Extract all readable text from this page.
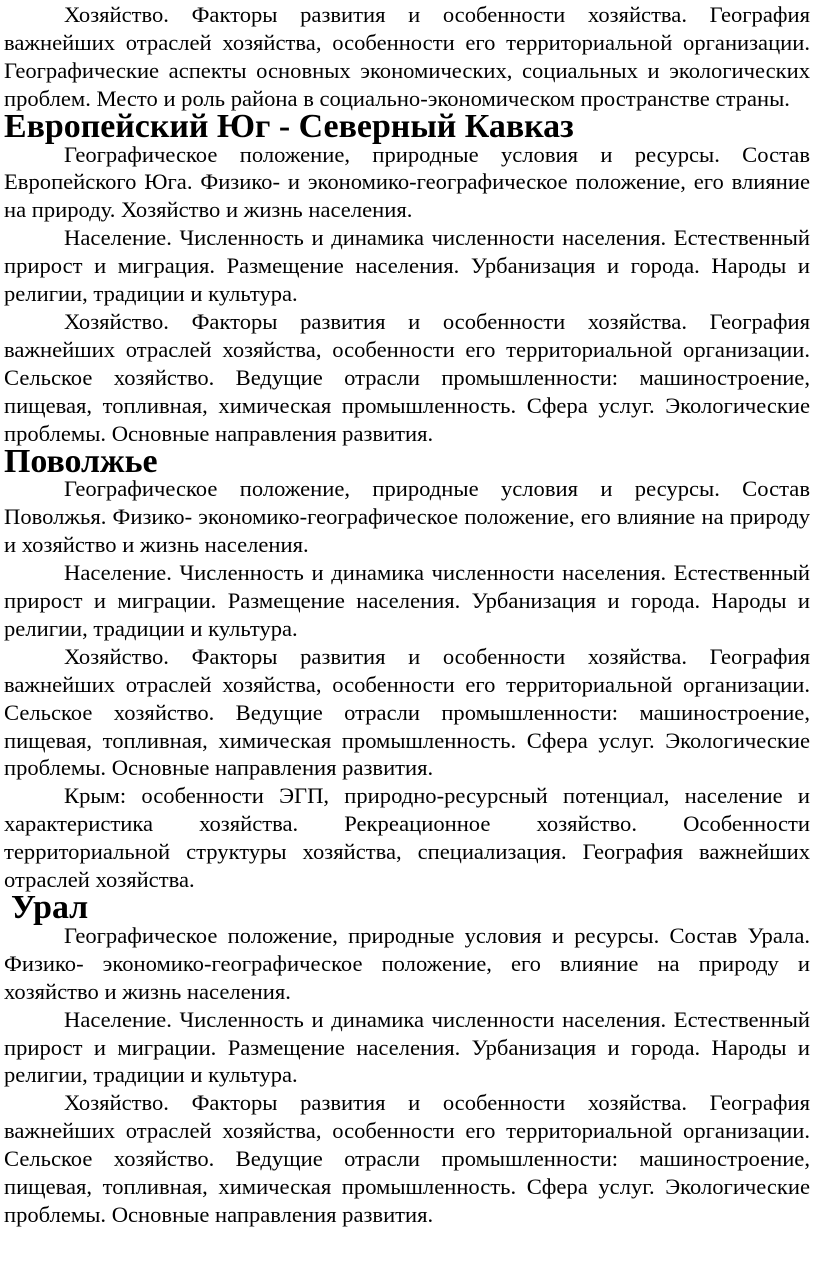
Хозяйство. Факторы развития и особенности хозяйства. География важнейших отраслей хозяйства, особенности его территориальной организации. Географические аспекты основных экономических, социальных и экологических проблем. Место и роль района в социально-экономическом пространстве страны.

Европейский Юг - Северный Кавказ

Географическое положение, природные условия и ресурсы. Состав Европейского Юга. Физико- и экономико-географическое положение, его влияние на природу. Хозяйство и жизнь населения.

Население. Численность и динамика численности населения. Естественный прирост и миграция. Размещение населения. Урбанизация и города. Народы и религии, традиции и культура.

Хозяйство. Факторы развития и особенности хозяйства. География важнейших отраслей хозяйства, особенности его территориальной организации. Сельское хозяйство. Ведущие отрасли промышленности: машиностроение, пищевая, топливная, химическая промышленность. Сфера услуг. Экологические проблемы. Основные направления развития.

Поволжье

Географическое положение, природные условия и ресурсы. Состав Поволжья. Физико- экономико-географическое положение, его влияние на природу и хозяйство и жизнь населения.

Население. Численность и динамика численности населения. Естественный прирост и миграции. Размещение населения. Урбанизация и города. Народы и религии, традиции и культура.

Хозяйство. Факторы развития и особенности хозяйства. География важнейших отраслей хозяйства, особенности его территориальной организации. Сельское хозяйство. Ведущие отрасли промышленности: машиностроение, пищевая, топливная, химическая промышленность. Сфера услуг. Экологические проблемы. Основные направления развития.

Крым: особенности ЭГП, природно-ресурсный потенциал, население и характеристика хозяйства. Рекреационное хозяйство. Особенности территориальной структуры хозяйства, специализация. География важнейших отраслей хозяйства.

Урал

Географическое положение, природные условия и ресурсы. Состав Урала. Физико- экономико-географическое положение, его влияние на природу и хозяйство и жизнь населения.

Население. Численность и динамика численности населения. Естественный прирост и миграции. Размещение населения. Урбанизация и города. Народы и религии, традиции и культура.

Хозяйство. Факторы развития и особенности хозяйства. География важнейших отраслей хозяйства, особенности его территориальной организации. Сельское хозяйство. Ведущие отрасли промышленности: машиностроение, пищевая, топливная, химическая промышленность. Сфера услуг. Экологические проблемы. Основные направления развития.
